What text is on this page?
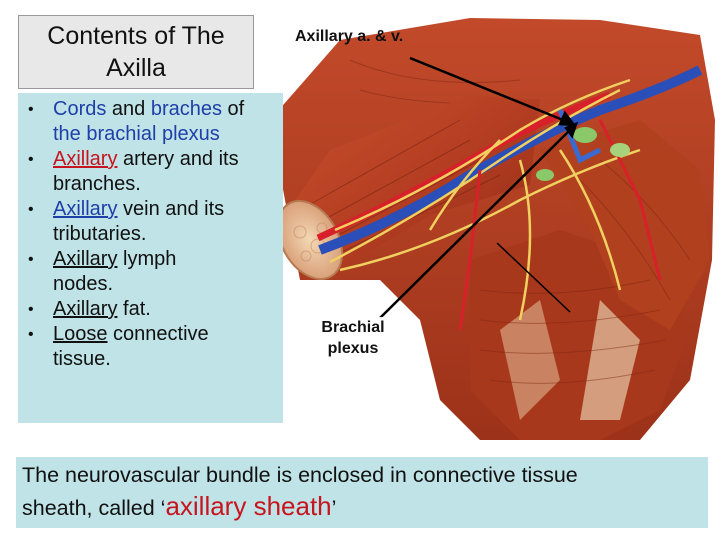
Contents of The
Axilla
• Cords and braches of
the brachial plexus
• Axillary artery and its
branches.
• Axillary vein and its
tributaries.
• Axillary lymph
nodes.
• Axillary fat.
• Loose connective
tissue.
Axillary a. & v.
Brachial
plexus
The neurovascular bundle is enclosed in connective tissue
sheath, called ‘axillary sheath’
